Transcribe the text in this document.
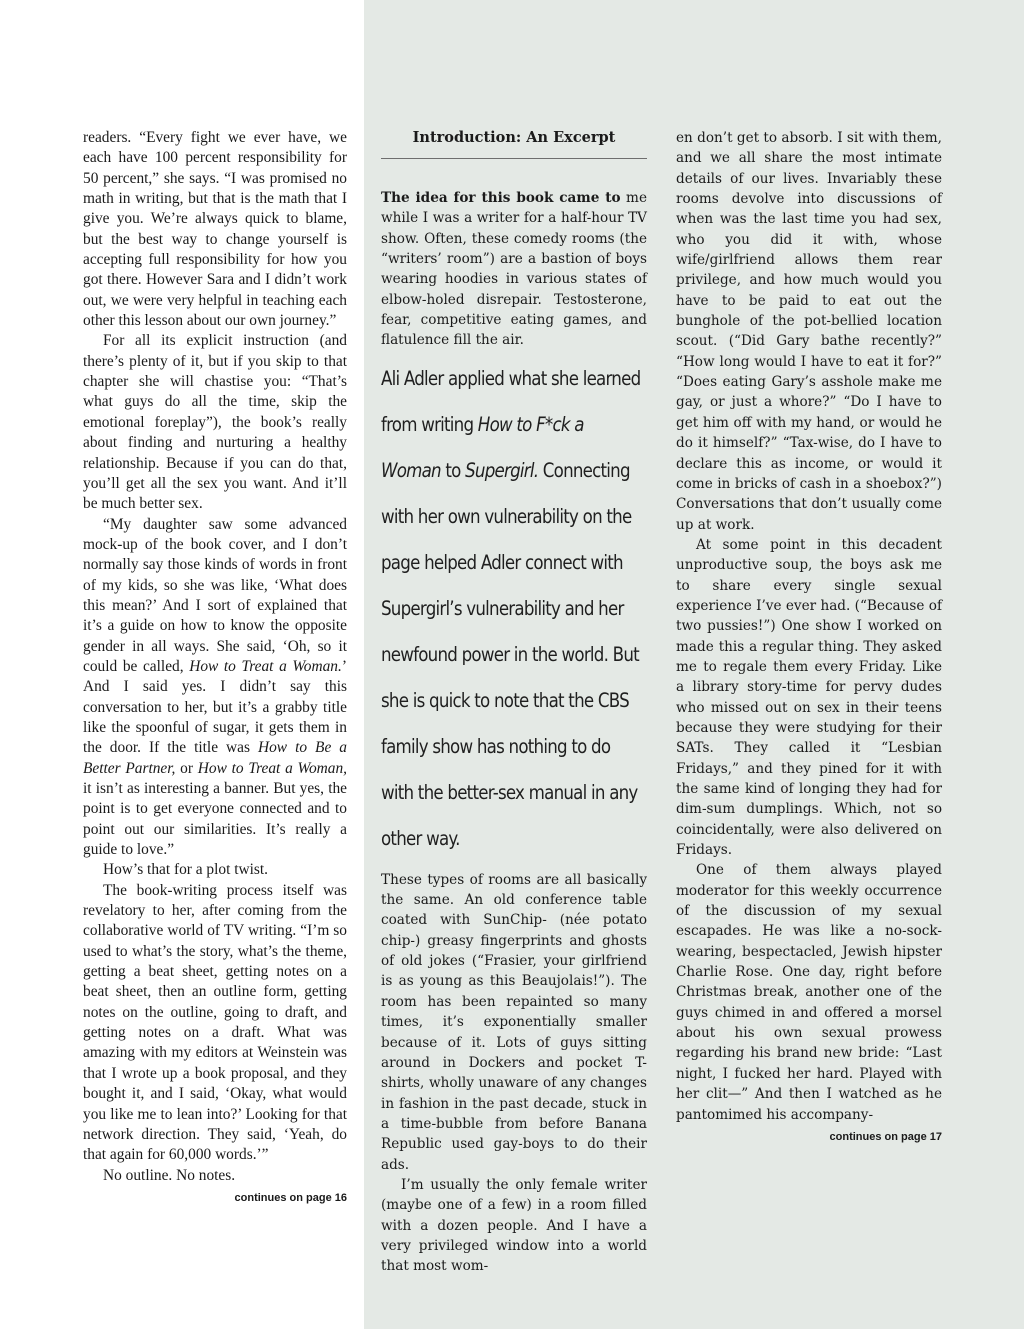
readers. “Every fight we ever have, we each have 100 percent responsibility for 50 percent,” she says. “I was promised no math in writing, but that is the math that I give you. We’re always quick to blame, but the best way to change yourself is accepting full responsibility for how you got there. However Sara and I didn’t work out, we were very helpful in teaching each other this lesson about our own journey.”

For all its explicit instruction (and there’s plenty of it, but if you skip to that chapter she will chastise you: “That’s what guys do all the time, skip the emotional foreplay”), the book’s really about finding and nurturing a healthy relationship. Because if you can do that, you’ll get all the sex you want. And it’ll be much better sex.

“My daughter saw some advanced mock-up of the book cover, and I don’t normally say those kinds of words in front of my kids, so she was like, ‘What does this mean?’ And I sort of explained that it’s a guide on how to know the opposite gender in all ways. She said, ‘Oh, so it could be called, How to Treat a Woman.’ And I said yes. I didn’t say this conversation to her, but it’s a grabby title like the spoonful of sugar, it gets them in the door. If the title was How to Be a Better Partner, or How to Treat a Woman, it isn’t as interesting a banner. But yes, the point is to get everyone connected and to point out our similarities. It’s really a guide to love.”

How’s that for a plot twist.

The book-writing process itself was revelatory to her, after coming from the collaborative world of TV writing. “I’m so used to what’s the story, what’s the theme, getting a beat sheet, getting notes on a beat sheet, then an outline form, getting notes on the outline, going to draft, and getting notes on a draft. What was amazing with my editors at Weinstein was that I wrote up a book proposal, and they bought it, and I said, ‘Okay, what would you like me to lean into?’ Looking for that network direction. They said, ‘Yeah, do that again for 60,000 words.’”

No outline. No notes.

continues on page 16

Introduction: An Excerpt

The idea for this book came to me while I was a writer for a half-hour TV show. Often, these comedy rooms (the “writers’ room”) are a bastion of boys wearing hoodies in various states of elbow-holed disrepair. Testosterone, fear, competitive eating games, and flatulence fill the air.

Ali Adler applied what she learned from writing How to F*ck a Woman to Supergirl. Connecting with her own vulnerability on the page helped Adler connect with Supergirl’s vulnerability and her newfound power in the world. But she is quick to note that the CBS family show has nothing to do with the better-sex manual in any other way.

These types of rooms are all basically the same. An old conference table coated with SunChip- (née potato chip-) greasy fingerprints and ghosts of old jokes (“Frasier, your girlfriend is as young as this Beaujolais!”). The room has been repainted so many times, it’s exponentially smaller because of it. Lots of guys sitting around in Dockers and pocket T-shirts, wholly unaware of any changes in fashion in the past decade, stuck in a time-bubble from before Banana Republic used gay-boys to do their ads.

I’m usually the only female writer (maybe one of a few) in a room filled with a dozen people. And I have a very privileged window into a world that most wom-

en don’t get to absorb. I sit with them, and we all share the most intimate details of our lives. Invariably these rooms devolve into discussions of when was the last time you had sex, who you did it with, whose wife/girlfriend allows them rear privilege, and how much would you have to be paid to eat out the bunghole of the pot-bellied location scout. (“Did Gary bathe recently?” “How long would I have to eat it for?” “Does eating Gary’s asshole make me gay, or just a whore?” “Do I have to get him off with my hand, or would he do it himself?” “Tax-wise, do I have to declare this as income, or would it come in bricks of cash in a shoebox?”) Conversations that don’t usually come up at work.

At some point in this decadent unproductive soup, the boys ask me to share every single sexual experience I’ve ever had. (“Because of two pussies!”) One show I worked on made this a regular thing. They asked me to regale them every Friday. Like a library story-time for pervy dudes who missed out on sex in their teens because they were studying for their SATs. They called it “Lesbian Fridays,” and they pined for it with the same kind of longing they had for dim-sum dumplings. Which, not so coincidentally, were also delivered on Fridays.

One of them always played moderator for this weekly occurrence of the discussion of my sexual escapades. He was like a no-sock-wearing, bespectacled, Jewish hipster Charlie Rose. One day, right before Christmas break, another one of the guys chimed in and offered a morsel about his own sexual prowess regarding his brand new bride: “Last night, I fucked her hard. Played with her clit—” And then I watched as he pantomimed his accompany-

continues on page 17
